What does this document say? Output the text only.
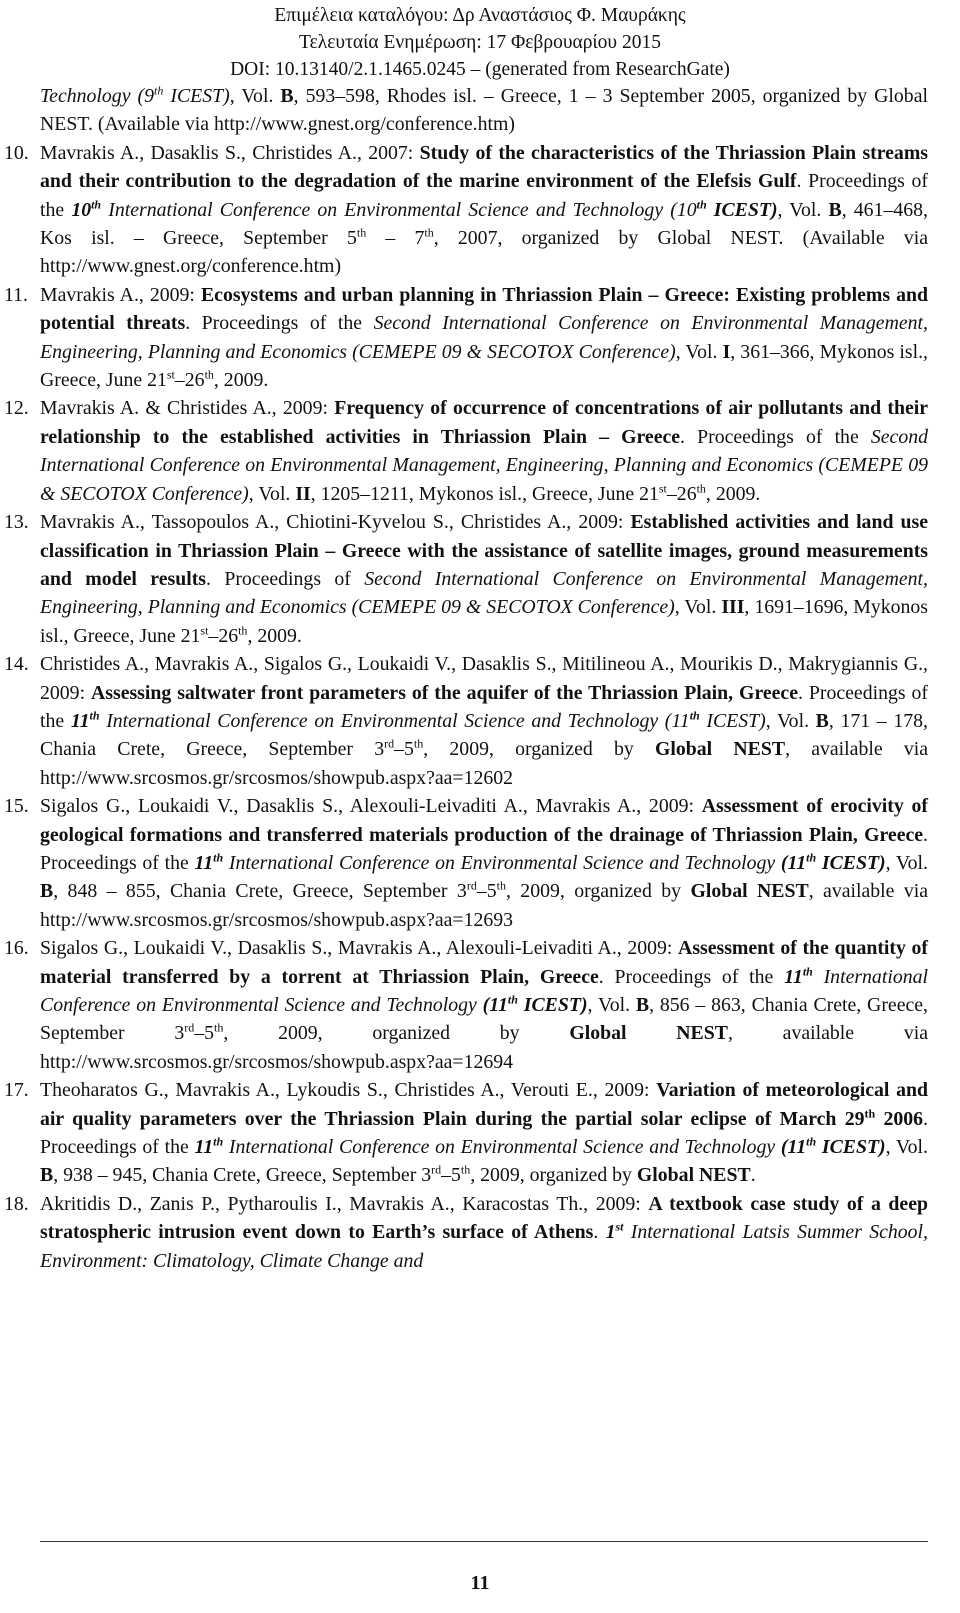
Επιμέλεια καταλόγου: Δρ Αναστάσιος Φ. Μαυράκης
Τελευταία Ενημέρωση: 17 Φεβρουαρίου 2015
DOI: 10.13140/2.1.1465.0245 – (generated from ResearchGate)

Technology (9th ICEST), Vol. B, 593–598, Rhodes isl. – Greece, 1 – 3 September 2005, organized by Global NEST. (Available via http://www.gnest.org/conference.htm)

10. Mavrakis A., Dasaklis S., Christides A., 2007: Study of the characteristics of the Thriassion Plain streams and their contribution to the degradation of the marine environment of the Elefsis Gulf. Proceedings of the 10th International Conference on Environmental Science and Technology (10th ICEST), Vol. B, 461–468, Kos isl. – Greece, September 5th – 7th, 2007, organized by Global NEST. (Available via http://www.gnest.org/conference.htm)

11. Mavrakis A., 2009: Ecosystems and urban planning in Thriassion Plain – Greece: Existing problems and potential threats. Proceedings of the Second International Conference on Environmental Management, Engineering, Planning and Economics (CEMEPE 09 & SECOTOX Conference), Vol. I, 361–366, Mykonos isl., Greece, June 21st–26th, 2009.

12. Mavrakis A. & Christides A., 2009: Frequency of occurrence of concentrations of air pollutants and their relationship to the established activities in Thriassion Plain – Greece. Proceedings of the Second International Conference on Environmental Management, Engineering, Planning and Economics (CEMEPE 09 & SECOTOX Conference), Vol. II, 1205–1211, Mykonos isl., Greece, June 21st–26th, 2009.

13. Mavrakis A., Tassopoulos A., Chiotini-Kyvelou S., Christides A., 2009: Established activities and land use classification in Thriassion Plain – Greece with the assistance of satellite images, ground measurements and model results. Proceedings of Second International Conference on Environmental Management, Engineering, Planning and Economics (CEMEPE 09 & SECOTOX Conference), Vol. III, 1691–1696, Mykonos isl., Greece, June 21st–26th, 2009.

14. Christides A., Mavrakis A., Sigalos G., Loukaidi V., Dasaklis S., Mitilineou A., Mourikis D., Makrygiannis G., 2009: Assessing saltwater front parameters of the aquifer of the Thriassion Plain, Greece. Proceedings of the 11th International Conference on Environmental Science and Technology (11th ICEST), Vol. B, 171 – 178, Chania Crete, Greece, September 3rd–5th, 2009, organized by Global NEST, available via http://www.srcosmos.gr/srcosmos/showpub.aspx?aa=12602

15. Sigalos G., Loukaidi V., Dasaklis S., Alexouli-Leivaditi A., Mavrakis A., 2009: Assessment of erocivity of geological formations and transferred materials production of the drainage of Thriassion Plain, Greece. Proceedings of the 11th International Conference on Environmental Science and Technology (11th ICEST), Vol. B, 848 – 855, Chania Crete, Greece, September 3rd–5th, 2009, organized by Global NEST, available via http://www.srcosmos.gr/srcosmos/showpub.aspx?aa=12693

16. Sigalos G., Loukaidi V., Dasaklis S., Mavrakis A., Alexouli-Leivaditi A., 2009: Assessment of the quantity of material transferred by a torrent at Thriassion Plain, Greece. Proceedings of the 11th International Conference on Environmental Science and Technology (11th ICEST), Vol. B, 856 – 863, Chania Crete, Greece, September 3rd–5th, 2009, organized by Global NEST, available via http://www.srcosmos.gr/srcosmos/showpub.aspx?aa=12694

17. Theoharatos G., Mavrakis A., Lykoudis S., Christides A., Verouti E., 2009: Variation of meteorological and air quality parameters over the Thriassion Plain during the partial solar eclipse of March 29th 2006. Proceedings of the 11th International Conference on Environmental Science and Technology (11th ICEST), Vol. B, 938 – 945, Chania Crete, Greece, September 3rd–5th, 2009, organized by Global NEST.

18. Akritidis D., Zanis P., Pytharoulis I., Mavrakis A., Karacostas Th., 2009: A textbook case study of a deep stratospheric intrusion event down to Earth’s surface of Athens. 1st International Latsis Summer School, Environment: Climatology, Climate Change and

11
